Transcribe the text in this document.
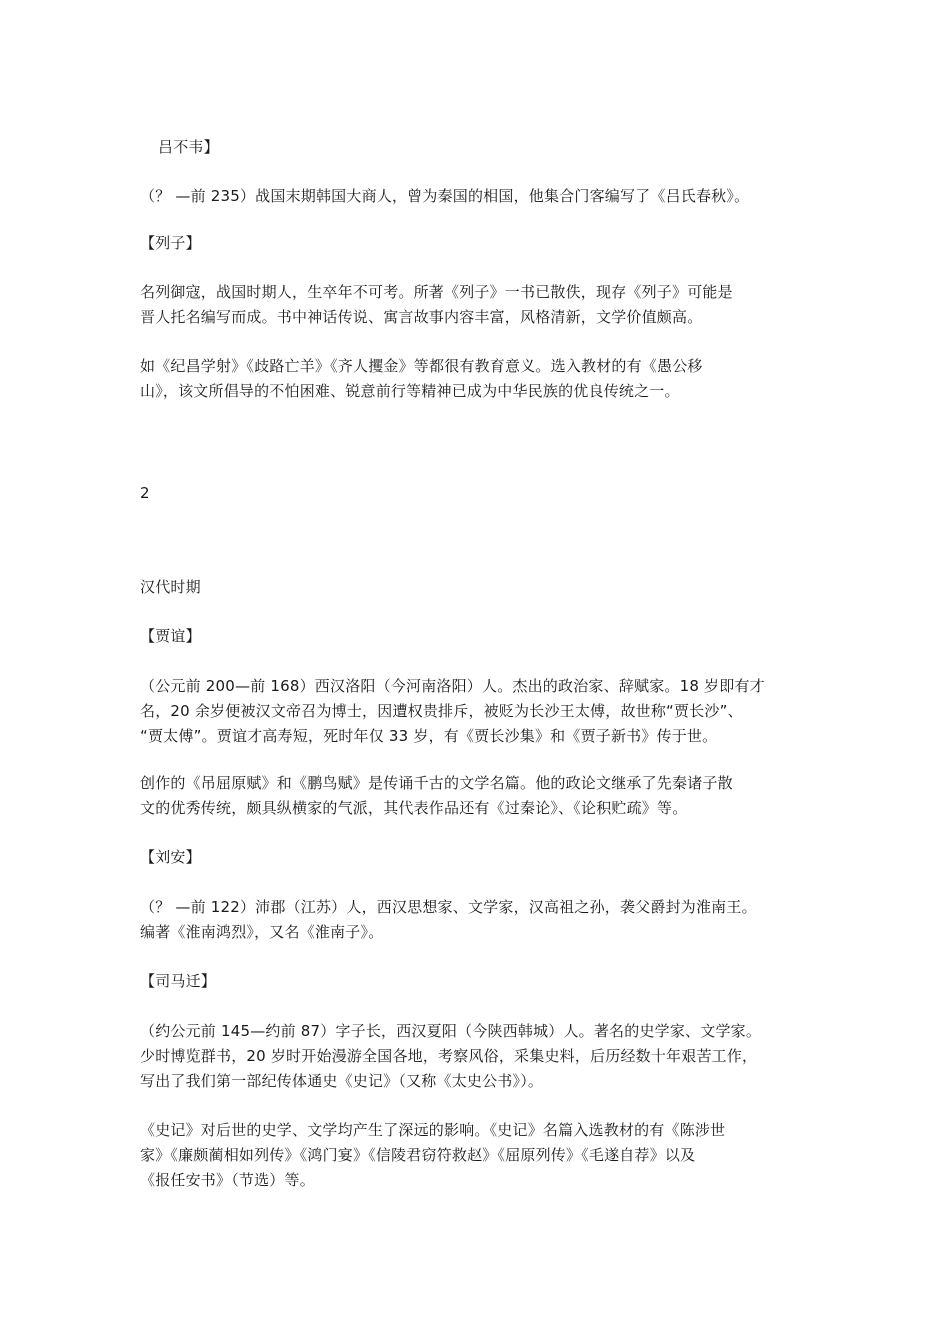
吕不韦】
（？ —前 235）战国末期韩国大商人，曾为秦国的相国，他集合门客编写了《吕氏春秋》。
【列子】
名列御寇，战国时期人，生卒年不可考。所著《列子》一书已散佚，现存《列子》可能是
晋人托名编写而成。书中神话传说、寓言故事内容丰富，风格清新，文学价值颇高。
如《纪昌学射》《歧路亡羊》《齐人攫金》等都很有教育意义。选入教材的有《愚公移
山》，该文所倡导的不怕困难、锐意前行等精神已成为中华民族的优良传统之一。
2
汉代时期
【贾谊】
（公元前 200—前 168）西汉洛阳（今河南洛阳）人。杰出的政治家、辞赋家。18 岁即有才
名，20 余岁便被汉文帝召为博士，因遭权贵排斥，被贬为长沙王太傅，故世称“贾长沙”、
“贾太傅”。贾谊才高寿短，死时年仅 33 岁，有《贾长沙集》和《贾子新书》传于世。
创作的《吊屈原赋》和《鹏鸟赋》是传诵千古的文学名篇。他的政论文继承了先秦诸子散
文的优秀传统，颇具纵横家的气派，其代表作品还有《过秦论》、《论积贮疏》等。
【刘安】
（？ —前 122）沛郡（江苏）人，西汉思想家、文学家，汉高祖之孙，袭父爵封为淮南王。
编著《淮南鸿烈》，又名《淮南子》。
【司马迁】
（约公元前 145—约前 87）字子长，西汉夏阳（今陕西韩城）人。著名的史学家、文学家。
少时博览群书，20 岁时开始漫游全国各地，考察风俗，采集史料，后历经数十年艰苦工作，
写出了我们第一部纪传体通史《史记》（又称《太史公书》）。
《史记》对后世的史学、文学均产生了深远的影响。《史记》名篇入选教材的有《陈涉世
家》《廉颇蔺相如列传》《鸿门宴》《信陵君窃符救赵》《屈原列传》《毛遂自荐》以及
《报任安书》（节选）等。
